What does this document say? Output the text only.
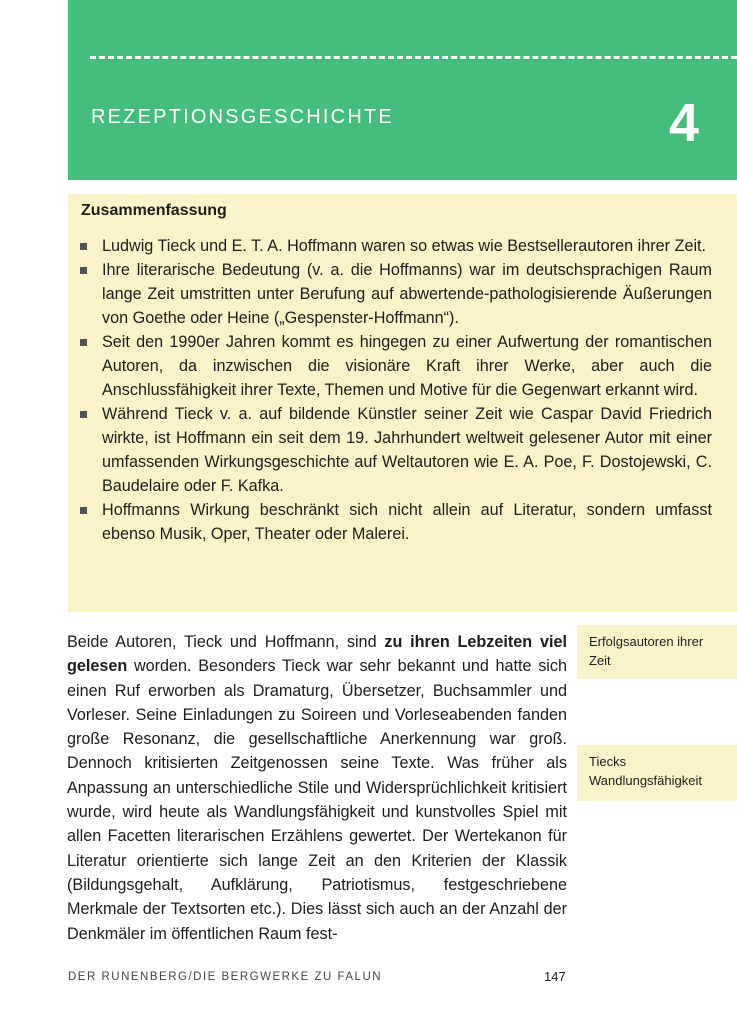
REZEPTIONSGESCHICHTE	4
Zusammenfassung
Ludwig Tieck und E. T. A. Hoffmann waren so etwas wie Bestsellerautoren ihrer Zeit.
Ihre literarische Bedeutung (v. a. die Hoffmanns) war im deutschsprachigen Raum lange Zeit umstritten unter Berufung auf abwertende-pathologisierende Äußerungen von Goethe oder Heine („Gespenster-Hoffmann“).
Seit den 1990er Jahren kommt es hingegen zu einer Aufwertung der romantischen Autoren, da inzwischen die visionäre Kraft ihrer Werke, aber auch die Anschlussfähigkeit ihrer Texte, Themen und Motive für die Gegenwart erkannt wird.
Während Tieck v. a. auf bildende Künstler seiner Zeit wie Caspar David Friedrich wirkte, ist Hoffmann ein seit dem 19. Jahrhundert weltweit gelesener Autor mit einer umfassenden Wirkungsgeschichte auf Weltautoren wie E. A. Poe, F. Dostojewski, C. Baudelaire oder F. Kafka.
Hoffmanns Wirkung beschränkt sich nicht allein auf Literatur, sondern umfasst ebenso Musik, Oper, Theater oder Malerei.

Beide Autoren, Tieck und Hoffmann, sind zu ihren Lebzeiten viel gelesen worden. Besonders Tieck war sehr bekannt und hatte sich einen Ruf erworben als Dramaturg, Übersetzer, Buchsammler und Vorleser. Seine Einladungen zu Soireen und Vorleseabenden fanden große Resonanz, die gesellschaftliche Anerkennung war groß. Dennoch kritisierten Zeitgenossen seine Texte. Was früher als Anpassung an unterschiedliche Stile und Widersprüchlichkeit kritisiert wurde, wird heute als Wandlungsfähigkeit und kunstvolles Spiel mit allen Facetten literarischen Erzählens gewertet. Der Wertekanon für Literatur orientierte sich lange Zeit an den Kriterien der Klassik (Bildungsgehalt, Aufklärung, Patriotismus, festgeschriebene Merkmale der Textsorten etc.). Dies lässt sich auch an der Anzahl der Denkmäler im öffentlichen Raum fest-

Erfolgsautoren ihrer Zeit
Tiecks Wandlungsfähigkeit
DER RUNENBERG/DIE BERGWERKE ZU FALUN	147
